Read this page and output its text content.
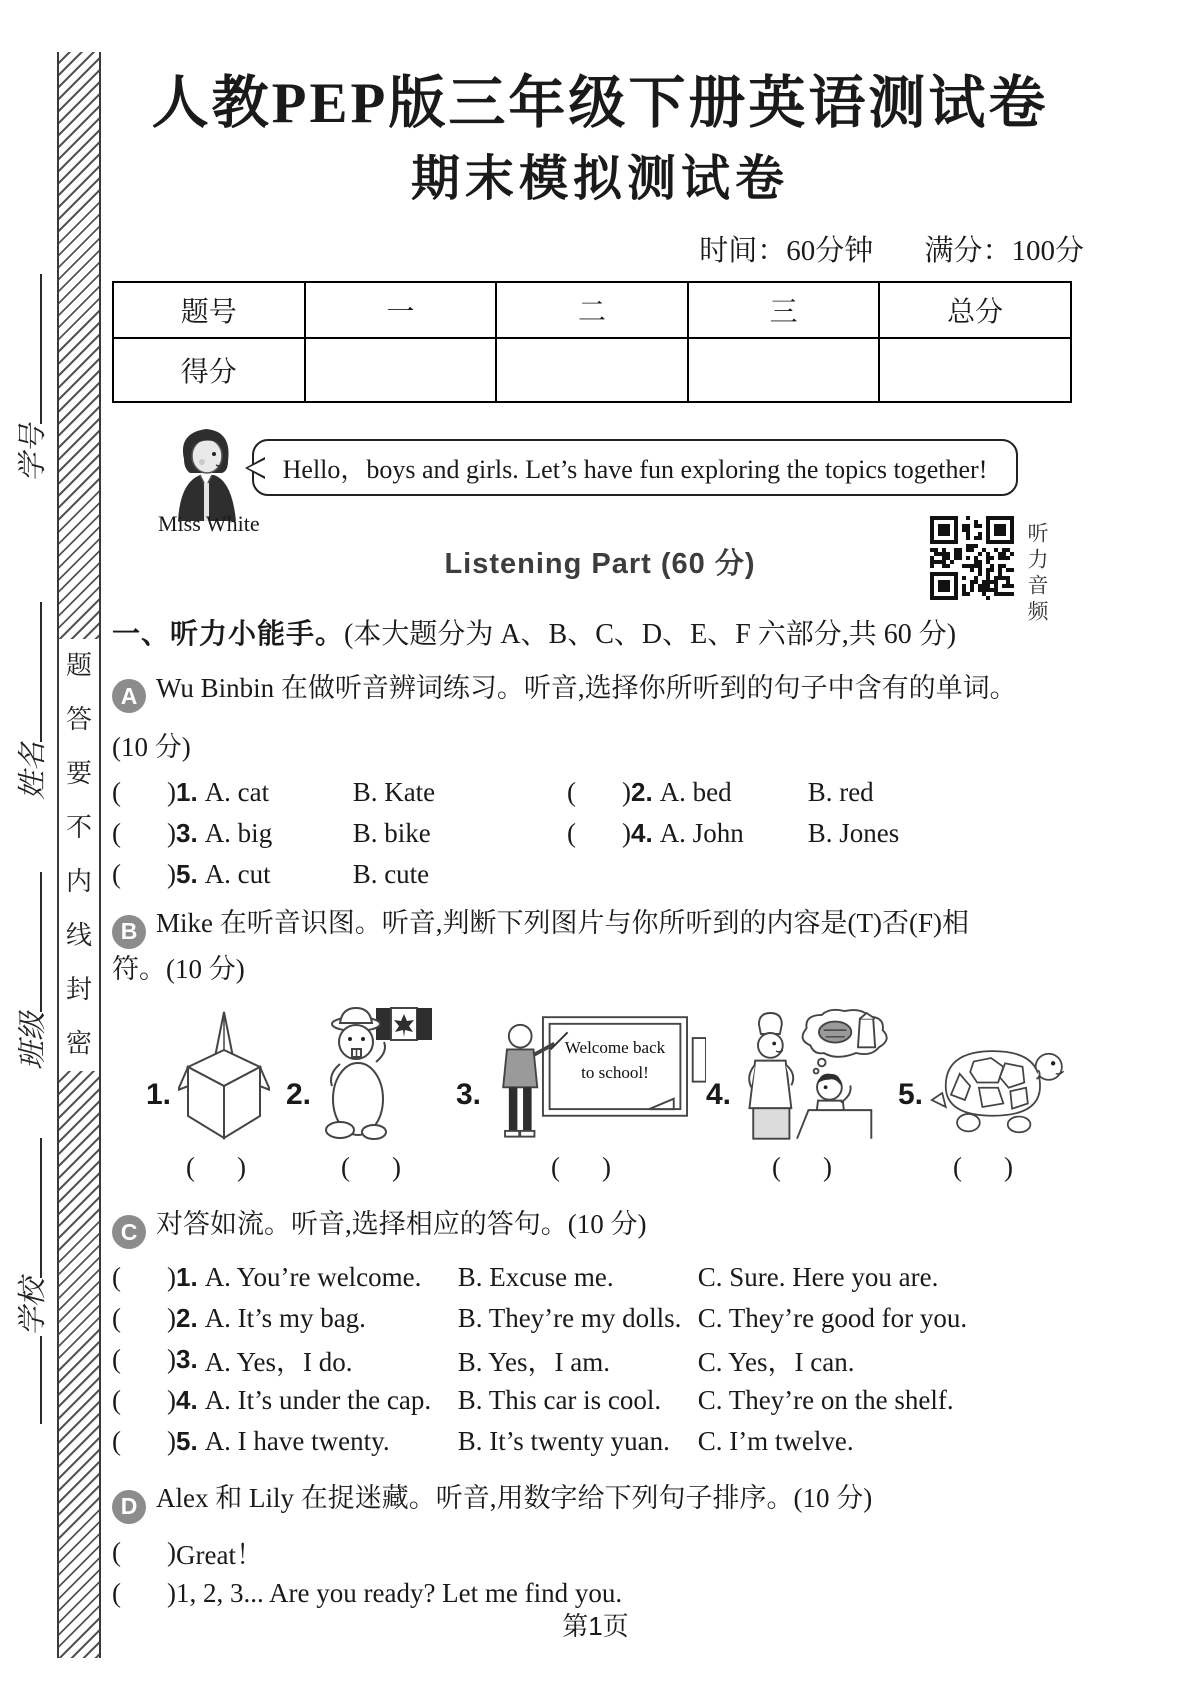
学号
姓名
班级
学校
题
答
要
不
内
线
封
密
人教PEP版三年级下册英语测试卷
期末模拟测试卷
时间：60分钟 满分：100分
题号	一	二	三	总分
得分				
Hello，boys and girls. Let’s have fun exploring the topics together!
Miss White
Listening Part (60 分)
一、听力小能手。(本大题分为 A、B、C、D、E、F 六部分,共 60 分)
A Wu Binbin 在做听音辨词练习。听音,选择你所听到的句子中含有的单词。
(10 分)
( ) 1. A. cat	B. Kate	( ) 2. A. bed	B. red
( ) 3. A. big	B. bike	( ) 4. A. John	B. Jones
( ) 5. A. cut	B. cute
B Mike 在听音识图。听音,判断下列图片与你所听到的内容是(T)否(F)相
符。(10 分)
1.	2.	3.
Welcome back
to school!
4.	5.
( )	( )	( )	( )	( )
C 对答如流。听音,选择相应的答句。(10 分)
( ) 1. A. You’re welcome.	B. Excuse me.	C. Sure. Here you are.
( ) 2. A. It’s my bag.	B. They’re my dolls. C. They’re good for you.
( ) 3. A. Yes，I do.	B. Yes，I am.	C. Yes，I can.
( ) 4. A. It’s under the cap. B. This car is cool.	C. They’re on the shelf.
( ) 5. A. I have twenty.	B. It’s twenty yuan.	C. I’m twelve.
D Alex 和 Lily 在捉迷藏。听音,用数字给下列句子排序。(10 分)
( ) Great！
( ) 1, 2, 3... Are you ready? Let me find you.
听力音频
第1页
